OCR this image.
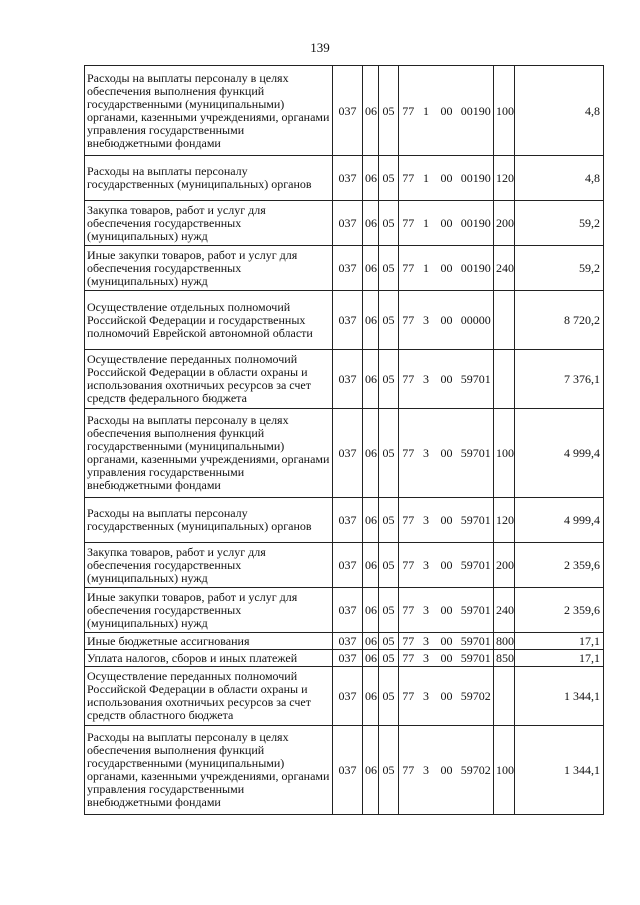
139
Расходы на выплаты персоналу в целях обеспечения выполнения функций государственными (муниципальными) органами, казенными учреждениями, органами управления государственными внебюджетными фондами	037	06	05	77	1	00	00190	100	4,8
Расходы на выплаты персоналу государственных (муниципальных) органов	037	06	05	77	1	00	00190	120	4,8
Закупка товаров, работ и услуг для обеспечения государственных (муниципальных) нужд	037	06	05	77	1	00	00190	200	59,2
Иные закупки товаров, работ и услуг для обеспечения государственных (муниципальных) нужд	037	06	05	77	1	00	00190	240	59,2
Осуществление отдельных полномочий Российской Федерации и государственных полномочий Еврейской автономной области	037	06	05	77	3	00	00000		8 720,2
Осуществление переданных полномочий Российской Федерации в области охраны и использования охотничьих ресурсов за счет средств федерального бюджета	037	06	05	77	3	00	59701		7 376,1
Расходы на выплаты персоналу в целях обеспечения выполнения функций государственными (муниципальными) органами, казенными учреждениями, органами управления государственными внебюджетными фондами	037	06	05	77	3	00	59701	100	4 999,4
Расходы на выплаты персоналу государственных (муниципальных) органов	037	06	05	77	3	00	59701	120	4 999,4
Закупка товаров, работ и услуг для обеспечения государственных (муниципальных) нужд	037	06	05	77	3	00	59701	200	2 359,6
Иные закупки товаров, работ и услуг для обеспечения государственных (муниципальных) нужд	037	06	05	77	3	00	59701	240	2 359,6
Иные бюджетные ассигнования	037	06	05	77	3	00	59701	800	17,1
Уплата налогов, сборов и иных платежей	037	06	05	77	3	00	59701	850	17,1
Осуществление переданных полномочий Российской Федерации в области охраны и использования охотничьих ресурсов за счет средств областного бюджета	037	06	05	77	3	00	59702		1 344,1
Расходы на выплаты персоналу в целях обеспечения выполнения функций государственными (муниципальными) органами, казенными учреждениями, органами управления государственными внебюджетными фондами	037	06	05	77	3	00	59702	100	1 344,1
